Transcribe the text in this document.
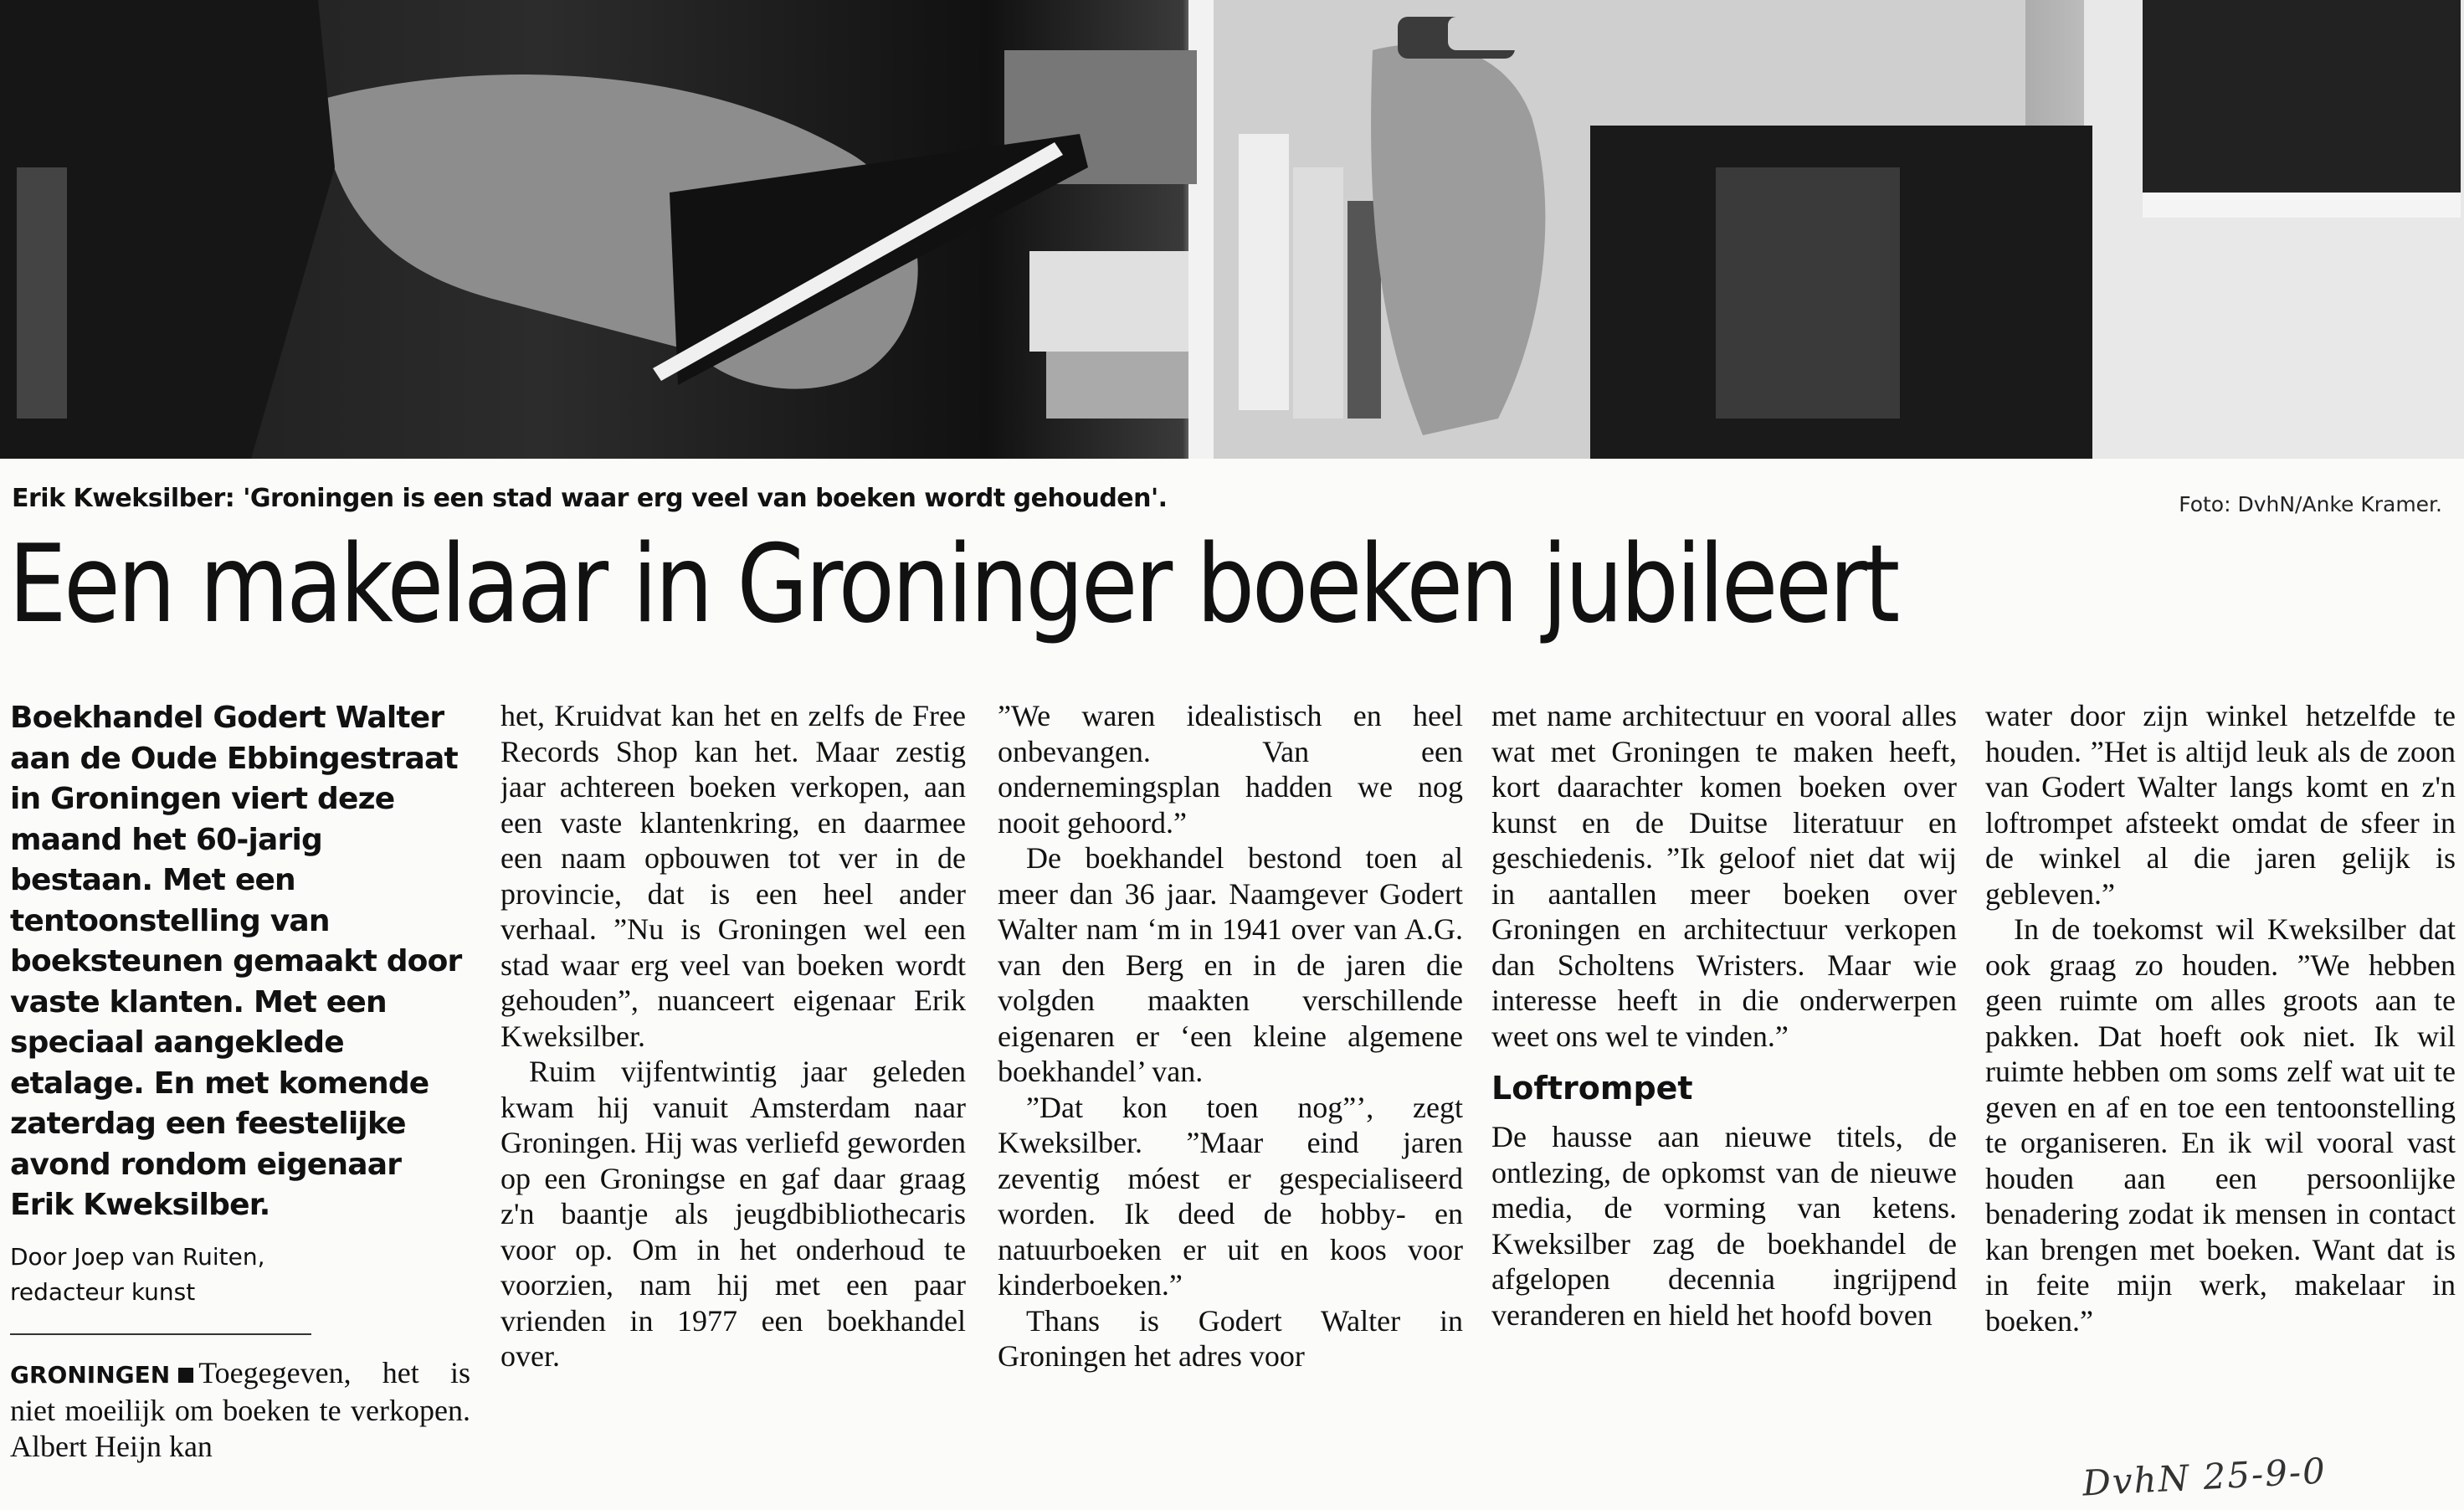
Erik Kweksilber: 'Groningen is een stad waar erg veel van boeken wordt gehouden'.	Foto: DvhN/Anke Kramer.
Een makelaar in Groninger boeken jubileert

Boekhandel Godert Walter aan de Oude Ebbingestraat in Groningen viert deze maand het 60-jarig bestaan. Met een tentoonstelling van boeksteunen gemaakt door vaste klanten. Met een speciaal aangeklede etalage. En met komende zaterdag een feestelijke avond rondom eigenaar Erik Kweksilber.

Door Joep van Ruiten,
redacteur kunst

GRONINGEN Toegegeven, het is niet moeilijk om boeken te verkopen. Albert Heijn kan

het, Kruidvat kan het en zelfs de Free Records Shop kan het. Maar zestig jaar achtereen boeken verkopen, aan een vaste klantenkring, en daarmee een naam opbouwen tot ver in de provincie, dat is een heel ander verhaal. ”Nu is Groningen wel een stad waar erg veel van boeken wordt gehouden”, nuanceert eigenaar Erik Kweksilber.

Ruim vijfentwintig jaar geleden kwam hij vanuit Amsterdam naar Groningen. Hij was verliefd geworden op een Groningse en gaf daar graag z'n baantje als jeugdbibliothecaris voor op. Om in het onderhoud te voorzien, nam hij met een paar vrienden in 1977 een boekhandel over.

”We waren idealistisch en heel onbevangen. Van een ondernemingsplan hadden we nog nooit gehoord.”

De boekhandel bestond toen al meer dan 36 jaar. Naamgever Godert Walter nam ‘m in 1941 over van A.G. van den Berg en in de jaren die volgden maakten verschillende eigenaren er ‘een kleine algemene boekhandel’ van.

”Dat kon toen nog”’, zegt Kweksilber. ”Maar eind jaren zeventig móest er gespecialiseerd worden. Ik deed de hobby- en natuurboeken er uit en koos voor kinderboeken.”

Thans is Godert Walter in Groningen het adres voor

met name architectuur en vooral alles wat met Groningen te maken heeft, kort daarachter komen boeken over kunst en de Duitse literatuur en geschiedenis. ”Ik geloof niet dat wij in aantallen meer boeken over Groningen en architectuur verkopen dan Scholtens Wristers. Maar wie interesse heeft in die onderwerpen weet ons wel te vinden.”

Loftrompet

De hausse aan nieuwe titels, de ontlezing, de opkomst van de nieuwe media, de vorming van ketens. Kweksilber zag de boekhandel de afgelopen decennia ingrijpend veranderen en hield het hoofd boven

water door zijn winkel hetzelfde te houden. ”Het is altijd leuk als de zoon van Godert Walter langs komt en z'n loftrompet afsteekt omdat de sfeer in de winkel al die jaren gelijk is gebleven.”

In de toekomst wil Kweksilber dat ook graag zo houden. ”We hebben geen ruimte om alles groots aan te pakken. Dat hoeft ook niet. Ik wil ruimte hebben om soms zelf wat uit te geven en af en toe een tentoonstelling te organiseren. En ik wil vooral vast houden aan een persoonlijke benadering zodat ik mensen in contact kan brengen met boeken. Want dat is in feite mijn werk, makelaar in boeken.”

DvhN 25-9-0
